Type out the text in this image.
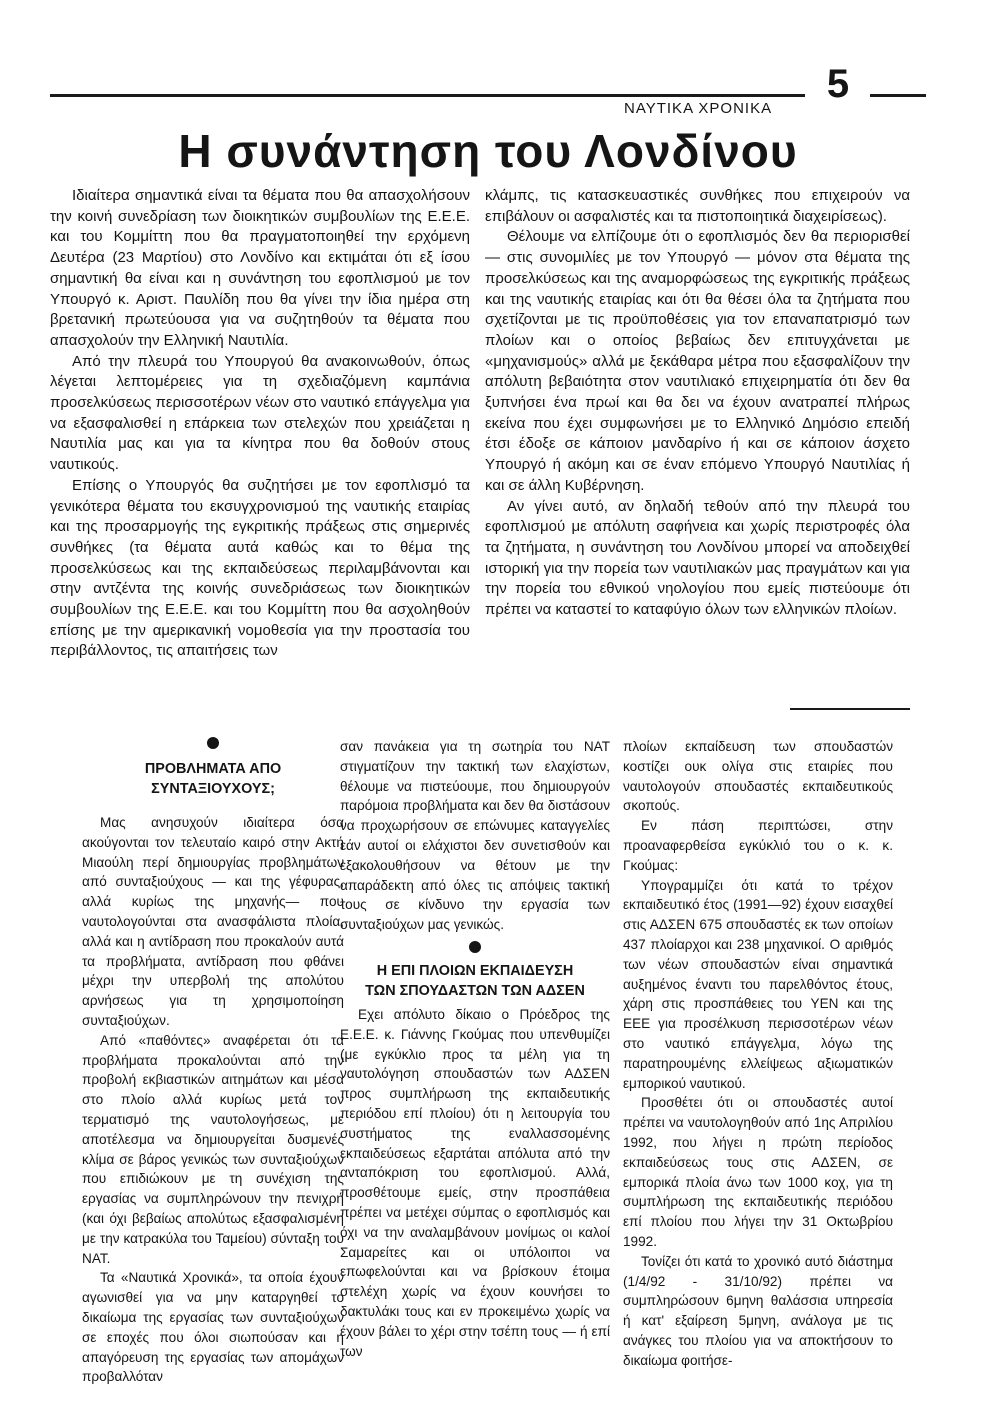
ΝΑΥΤΙΚΑ ΧΡΟΝΙΚΑ
5
Η συνάντηση του Λονδίνου

Ιδιαίτερα σημαντικά είναι τα θέματα που θα απασχολήσουν την κοινή συνεδρίαση των διοικητικών συμβουλίων της Ε.Ε.Ε. και του Κομμίττη που θα πραγματοποιηθεί την ερχόμενη Δευτέρα (23 Μαρτίου) στο Λονδίνο και εκτιμάται ότι εξ ίσου σημαντική θα είναι και η συνάντηση του εφοπλισμού με τον Υπουργό κ. Αριστ. Παυλίδη που θα γίνει την ίδια ημέρα στη βρετανική πρωτεύουσα για να συζητηθούν τα θέματα που απασχολούν την Ελληνική Ναυτιλία.

Από την πλευρά του Υπουργού θα ανακοινωθούν, όπως λέγεται λεπτομέρειες για τη σχεδιαζόμενη καμπάνια προσελκύσεως περισσοτέρων νέων στο ναυτικό επάγγελμα για να εξασφαλισθεί η επάρκεια των στελεχών που χρειάζεται η Ναυτιλία μας και για τα κίνητρα που θα δοθούν στους ναυτικούς.

Επίσης ο Υπουργός θα συζητήσει με τον εφοπλισμό τα γενικότερα θέματα του εκσυγχρονισμού της ναυτικής εταιρίας και της προσαρμογής της εγκριτικής πράξεως στις σημερινές συνθήκες (τα θέματα αυτά καθώς και το θέμα της προσελκύσεως και της εκπαιδεύσεως περιλαμβάνονται και στην αντζέντα της κοινής συνεδριάσεως των διοικητικών συμβουλίων της Ε.Ε.Ε. και του Κομμίττη που θα ασχοληθούν επίσης με την αμερικανική νομοθεσία για την προστασία του περιβάλλοντος, τις απαιτήσεις των

κλάμπς, τις κατασκευαστικές συνθήκες που επιχειρούν να επιβάλουν οι ασφαλιστές και τα πιστοποιητικά διαχειρίσεως).

Θέλουμε να ελπίζουμε ότι ο εφοπλισμός δεν θα περιορισθεί — στις συνομιλίες με τον Υπουργό — μόνον στα θέματα της προσελκύσεως και της αναμορφώσεως της εγκριτικής πράξεως και της ναυτικής εταιρίας και ότι θα θέσει όλα τα ζητήματα που σχετίζονται με τις προϋποθέσεις για τον επαναπατρισμό των πλοίων και ο οποίος βεβαίως δεν επιτυγχάνεται με «μηχανισμούς» αλλά με ξεκάθαρα μέτρα που εξασφαλίζουν την απόλυτη βεβαιότητα στον ναυτιλιακό επιχειρηματία ότι δεν θα ξυπνήσει ένα πρωί και θα δει να έχουν ανατραπεί πλήρως εκείνα που έχει συμφωνήσει με το Ελληνικό Δημόσιο επειδή έτσι έδοξε σε κάποιον μανδαρίνο ή και σε κάποιον άσχετο Υπουργό ή ακόμη και σε έναν επόμενο Υπουργό Ναυτιλίας ή και σε άλλη Κυβέρνηση.

Αν γίνει αυτό, αν δηλαδή τεθούν από την πλευρά του εφοπλισμού με απόλυτη σαφήνεια και χωρίς περιστροφές όλα τα ζητήματα, η συνάντηση του Λονδίνου μπορεί να αποδειχθεί ιστορική για την πορεία των ναυτιλιακών μας πραγμάτων και για την πορεία του εθνικού νηολογίου που εμείς πιστεύουμε ότι πρέπει να καταστεί το καταφύγιο όλων των ελληνικών πλοίων.

ΠΡΟΒΛΗΜΑΤΑ ΑΠΟ
ΣΥΝΤΑΞΙΟΥΧΟΥΣ;

Μας ανησυχούν ιδιαίτερα όσα ακούγονται τον τελευταίο καιρό στην Ακτή Μιαούλη περί δημιουργίας προβλημάτων από συνταξιούχους — και της γέφυρας, αλλά κυρίως της μηχανής— που ναυτολογούνται στα ανασφάλιστα πλοία, αλλά και η αντίδραση που προκαλούν αυτά τα προβλήματα, αντίδραση που φθάνει μέχρι την υπερβολή της απολύτου αρνήσεως για τη χρησιμοποίηση συνταξιούχων.

Από «παθόντες» αναφέρεται ότι τα προβλήματα προκαλούνται από την προβολή εκβιαστικών αιτημάτων και μέσα στο πλοίο αλλά κυρίως μετά τον τερματισμό της ναυτολογήσεως, με αποτέλεσμα να δημιουργείται δυσμενές κλίμα σε βάρος γενικώς των συνταξιούχων που επιδιώκουν με τη συνέχιση της εργασίας να συμπληρώνουν την πενιχρή (και όχι βεβαίως απολύτως εξασφαλισμένη με την κατρακύλα του Ταμείου) σύνταξη του ΝΑΤ.

Τα «Ναυτικά Χρονικά», τα οποία έχουν αγωνισθεί για να μην καταργηθεί το δικαίωμα της εργασίας των συνταξιούχων σε εποχές που όλοι σιωπούσαν και η απαγόρευση της εργασίας των απομάχων προβαλλόταν

σαν πανάκεια για τη σωτηρία του ΝΑΤ στιγματίζουν την τακτική των ελαχίστων, θέλουμε να πιστεύουμε, που δημιουργούν παρόμοια προβλήματα και δεν θα διστάσουν να προχωρήσουν σε επώνυμες καταγγελίες εάν αυτοί οι ελάχιστοι δεν συνετισθούν και εξακολουθήσουν να θέτουν με την απαράδεκτη από όλες τις απόψεις τακτική τους σε κίνδυνο την εργασία των συνταξιούχων μας γενικώς.

Η ΕΠΙ ΠΛΟΙΩΝ ΕΚΠΑΙΔΕΥΣΗ
ΤΩΝ ΣΠΟΥΔΑΣΤΩΝ ΤΩΝ ΑΔΣΕΝ

Εχει απόλυτο δίκαιο ο Πρόεδρος της Ε.Ε.Ε. κ. Γιάννης Γκούμας που υπενθυμίζει (με εγκύκλιο προς τα μέλη για τη ναυτολόγηση σπουδαστών των ΑΔΣΕΝ προς συμπλήρωση της εκπαιδευτικής περιόδου επί πλοίου) ότι η λειτουργία του συστήματος της εναλλασσομένης εκπαιδεύσεως εξαρτάται απόλυτα από την ανταπόκριση του εφοπλισμού. Αλλά, προσθέτουμε εμείς, στην προσπάθεια πρέπει να μετέχει σύμπας ο εφοπλισμός και όχι να την αναλαμβάνουν μονίμως οι καλοί Σαμαρείτες και οι υπόλοιποι να επωφελούνται και να βρίσκουν έτοιμα στελέχη χωρίς να έχουν κουνήσει το δακτυλάκι τους και εν προκειμένω χωρίς να έχουν βάλει το χέρι στην τσέπη τους — ή επί των

πλοίων εκπαίδευση των σπουδαστών κοστίζει ουκ ολίγα στις εταιρίες που ναυτολογούν σπουδαστές εκπαιδευτικούς σκοπούς.

Εν πάση περιπτώσει, στην προαναφερθείσα εγκύκλιό του ο κ. κ. Γκούμας:

Υπογραμμίζει ότι κατά το τρέχον εκπαιδευτικό έτος (1991—92) έχουν εισαχθεί στις ΑΔΣΕΝ 675 σπουδαστές εκ των οποίων 437 πλοίαρχοι και 238 μηχανικοί. Ο αριθμός των νέων σπουδαστών είναι σημαντικά αυξημένος έναντι του παρελθόντος έτους, χάρη στις προσπάθειες του ΥΕΝ και της ΕΕΕ για προσέλκυση περισσοτέρων νέων στο ναυτικό επάγγελμα, λόγω της παρατηρουμένης ελλείψεως αξιωματικών εμπορικού ναυτικού.

Προσθέτει ότι οι σπουδαστές αυτοί πρέπει να ναυτολογηθούν από 1ης Απριλίου 1992, που λήγει η πρώτη περίοδος εκπαιδεύσεως τους στις ΑΔΣΕΝ, σε εμπορικά πλοία άνω των 1000 κοχ, για τη συμπλήρωση της εκπαιδευτικής περιόδου επί πλοίου που λήγει την 31 Οκτωβρίου 1992.

Τονίζει ότι κατά το χρονικό αυτό διάστημα (1/4/92 - 31/10/92) πρέπει να συμπληρώσουν 6μηνη θαλάσσια υπηρεσία ή κατ' εξαίρεση 5μηνη, ανάλογα με τις ανάγκες του πλοίου για να αποκτήσουν το δικαίωμα φοιτήσε-
